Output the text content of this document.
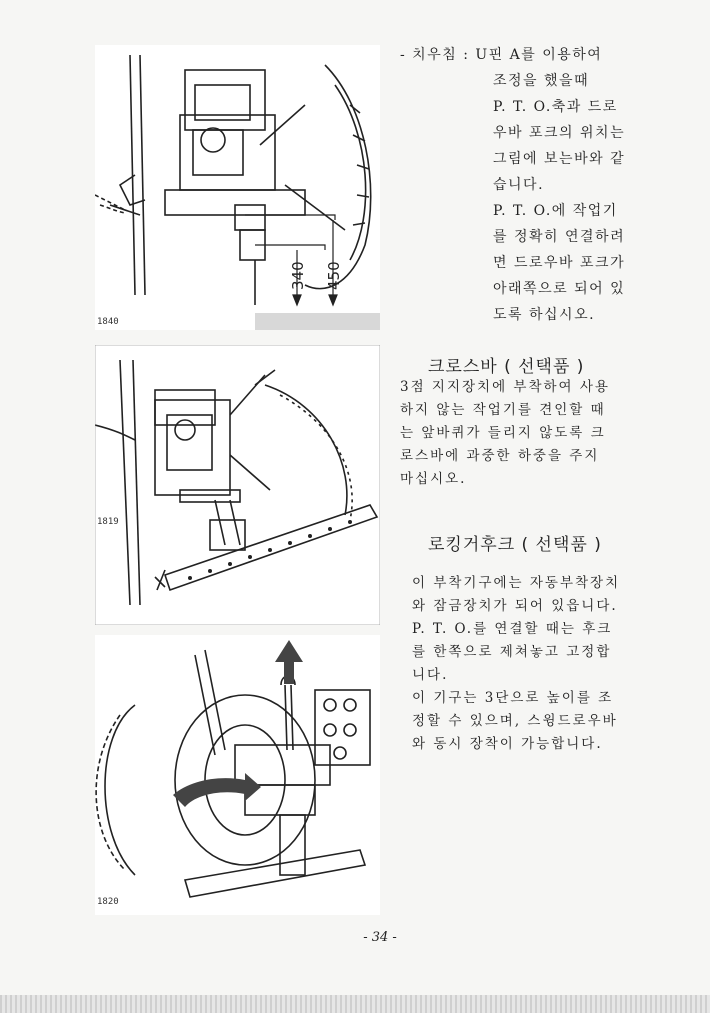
340 450
1840
1819
1820
- 치우침 : U핀 A를 이용하여
조정을 했을때
P. T. O.축과 드로
우바 포크의 위치는
그림에 보는바와 같
습니다.
P. T. O.에 작업기
를 정확히 연결하려
면 드로우바 포크가
아래쪽으로 되어 있
도록 하십시오.
크로스바 ( 선택품 )
3점 지지장치에 부착하여 사용
하지 않는 작업기를 견인할 때
는 앞바퀴가 들리지 않도록 크
로스바에 과중한 하중을 주지
마십시오.
로킹거후크 ( 선택품 )
이 부착기구에는 자동부착장치
와 잠금장치가 되어 있읍니다.
P. T. O.를 연결할 때는 후크
를 한쪽으로 제쳐놓고 고정합
니다.
이 기구는 3단으로 높이를 조
정할 수 있으며, 스윙드로우바
와 동시 장착이 가능합니다.
- 34 -
